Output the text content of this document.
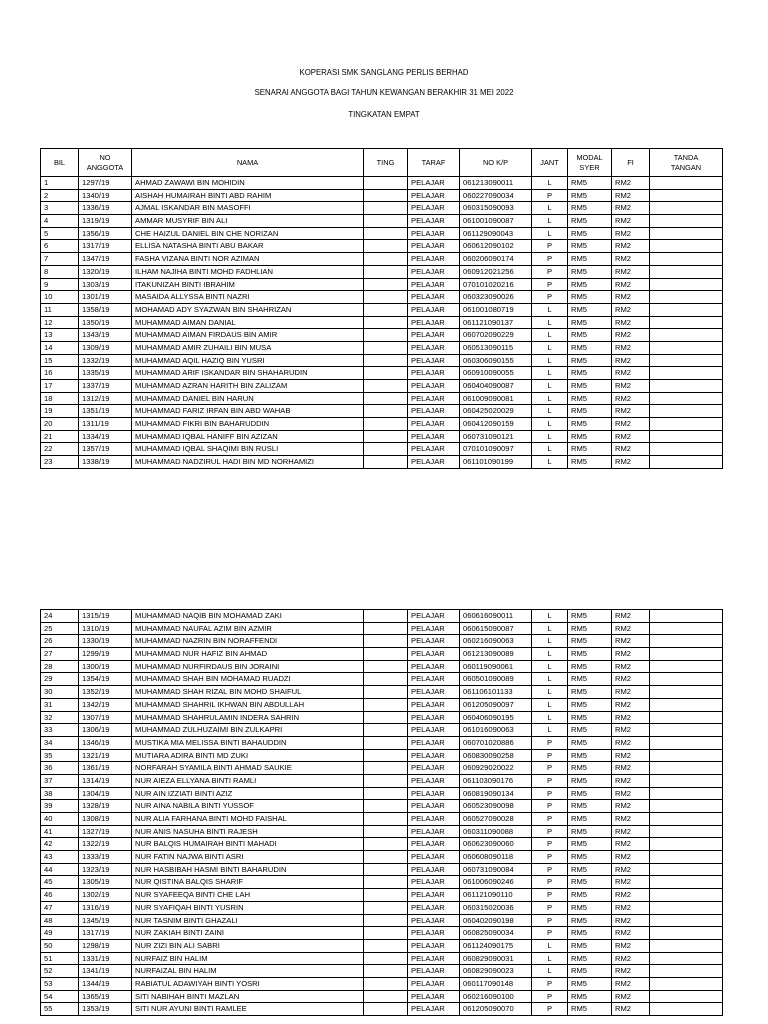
KOPERASI SMK SANGLANG PERLIS BERHAD
SENARAI ANGGOTA BAGI TAHUN KEWANGAN BERAKHIR 31 MEI 2022
TINGKATAN EMPAT
BIL	NO
ANGGOTA	NAMA	TING	TARAF	NO K/P	JANT	MODAL
SYER	FI	TANDA
TANGAN
1	1297/19	AHMAD ZAWAWI BIN MOHIDIN		PELAJAR	061213090011	L	RM5	RM2	
2	1340/19	AISHAH HUMAIRAH BINTI ABD RAHIM		PELAJAR	060227090034	P	RM5	RM2	
3	1336/19	AJMAL ISKANDAR BIN MASOFFI		PELAJAR	060315090093	L	RM5	RM2	
4	1319/19	AMMAR MUSYRIF BIN ALI		PELAJAR	061001090087	L	RM5	RM2	
5	1356/19	CHE HAIZUL DANIEL BIN CHE NORIZAN		PELAJAR	061129090043	L	RM5	RM2	
6	1317/19	ELLISA NATASHA BINTI ABU BAKAR		PELAJAR	060612090102	P	RM5	RM2	
7	1347/19	FASHA VIZANA BINTI NOR AZIMAN		PELAJAR	060206090174	P	RM5	RM2	
8	1320/19	ILHAM NAJIHA BINTI MOHD FADHLIAN		PELAJAR	060912021256	P	RM5	RM2	
9	1303/19	ITAKUNIZAH BINTI IBRAHIM		PELAJAR	070101020216	P	RM5	RM2	
10	1301/19	MASAIDA ALLYSSA BINTI NAZRI		PELAJAR	060323090026	P	RM5	RM2	
11	1358/19	MOHAMAD ADY SYAZWAN BIN SHAHRIZAN		PELAJAR	061001080719	L	RM5	RM2	
12	1350/19	MUHAMMAD AIMAN DANIAL		PELAJAR	061121090137	L	RM5	RM2	
13	1343/19	MUHAMMAD AIMAN FIRDAUS BIN AMIR		PELAJAR	060702090229	L	RM5	RM2	
14	1309/19	MUHAMMAD AMIR ZUHAILI BIN MUSA		PELAJAR	060513090115	L	RM5	RM2	
15	1332/19	MUHAMMAD AQIL HAZIQ BIN YUSRI		PELAJAR	060306090155	L	RM5	RM2	
16	1335/19	MUHAMMAD ARIF ISKANDAR BIN SHAHARUDIN		PELAJAR	060910090055	L	RM5	RM2	
17	1337/19	MUHAMMAD AZRAN HARITH BIN ZALIZAM		PELAJAR	060404090087	L	RM5	RM2	
18	1312/19	MUHAMMAD DANIEL BIN HARUN		PELAJAR	061009090081	L	RM5	RM2	
19	1351/19	MUHAMMAD FARIZ IRFAN BIN ABD WAHAB		PELAJAR	060425020029	L	RM5	RM2	
20	1311/19	MUHAMMAD FIKRI BIN BAHARUDDIN		PELAJAR	060412090159	L	RM5	RM2	
21	1334/19	MUHAMMAD IQBAL HANIFF BIN AZIZAN		PELAJAR	060731090121	L	RM5	RM2	
22	1357/19	MUHAMMAD IQBAL SHAQIMI BIN RUSLI		PELAJAR	070101090097	L	RM5	RM2	
23	1338/19	MUHAMMAD NADZIRUL HADI BIN MD NORHAMIZI		PELAJAR	061101090199	L	RM5	RM2	
24	1315/19	MUHAMMAD NAQIB BIN MOHAMAD ZAKI		PELAJAR	060616090011	L	RM5	RM2	
25	1310/19	MUHAMMAD NAUFAL AZIM BIN AZMIR		PELAJAR	060615090087	L	RM5	RM2	
26	1330/19	MUHAMMAD NAZRIN BIN NORAFFENDI		PELAJAR	060216090063	L	RM5	RM2	
27	1299/19	MUHAMMAD NUR HAFIZ BIN AHMAD		PELAJAR	061213090089	L	RM5	RM2	
28	1300/19	MUHAMMAD NURFIRDAUS BIN JORAINI		PELAJAR	060119090061	L	RM5	RM2	
29	1354/19	MUHAMMAD SHAH BIN MOHAMAD RUADZI		PELAJAR	060501090089	L	RM5	RM2	
30	1352/19	MUHAMMAD SHAH RIZAL BIN MOHD SHAIFUL		PELAJAR	061106101133	L	RM5	RM2	
31	1342/19	MUHAMMAD SHAHRIL IKHWAN BIN ABDULLAH		PELAJAR	061205090097	L	RM5	RM2	
32	1307/19	MUHAMMAD SHAHRULAMIN INDERA SAHRIN		PELAJAR	060406090195	L	RM5	RM2	
33	1306/19	MUHAMMAD ZULHUZAIMI BIN ZULKAPRI		PELAJAR	061016090063	L	RM5	RM2	
34	1346/19	MUSTIKA MIA MELISSA BINTI BAHAUDDIN		PELAJAR	060701020886	P	RM5	RM2	
35	1321/19	MUTIARA ADIRA BINTI MD ZUKI		PELAJAR	060830090258	P	RM5	RM2	
36	1361/19	NORFARAH SYAMILA BINTI AHMAD SAUKIE		PELAJAR	060929020022	P	RM5	RM2	
37	1314/19	NUR AIEZA ELLYANA BINTI RAMLI		PELAJAR	061103090176	P	RM5	RM2	
38	1304/19	NUR AIN IZZIATI BINTI AZIZ		PELAJAR	060819090134	P	RM5	RM2	
39	1328/19	NUR AINA NABILA BINTI YUSSOF		PELAJAR	060523090098	P	RM5	RM2	
40	1308/19	NUR ALIA FARHANA BINTI MOHD FAISHAL		PELAJAR	060527090028	P	RM5	RM2	
41	1327/19	NUR ANIS NASUHA BINTI RAJESH		PELAJAR	060311090088	P	RM5	RM2	
42	1322/19	NUR BALQIS HUMAIRAH BINTI MAHADI		PELAJAR	060623090060	P	RM5	RM2	
43	1333/19	NUR FATIN NAJWA BINTI ASRI		PELAJAR	060608090118	P	RM5	RM2	
44	1323/19	NUR HASBIBAH HASMI BINTI BAHARUDIN		PELAJAR	060731090084	P	RM5	RM2	
45	1305/19	NUR QISTINA BALQIS SHARIF		PELAJAR	061006090246	P	RM5	RM2	
46	1302/19	NUR SYAFEEQA BINTI CHE LAH		PELAJAR	061121090110	P	RM5	RM2	
47	1316/19	NUR SYAFIQAH BINTI YUSRIN		PELAJAR	060315020036	P	RM5	RM2	
48	1345/19	NUR TASNIM BINTI GHAZALI		PELAJAR	060402090198	P	RM5	RM2	
49	1317/19	NUR ZAKIAH BINTI ZAINI		PELAJAR	060825090034	P	RM5	RM2	
50	1298/19	NUR ZIZI BIN ALI SABRI		PELAJAR	061124090175	L	RM5	RM2	
51	1331/19	NURFAIZ BIN HALIM		PELAJAR	060829090031	L	RM5	RM2	
52	1341/19	NURFAIZAL BIN HALIM		PELAJAR	060829090023	L	RM5	RM2	
53	1344/19	RABIATUL ADAWIYAH BINTI YOSRI		PELAJAR	060117090148	P	RM5	RM2	
54	1365/19	SITI NABIHAH BINTI MAZLAN		PELAJAR	060216090100	P	RM5	RM2	
55	1353/19	SITI NUR AYUNI BINTI RAMLEE		PELAJAR	061205090070	P	RM5	RM2	
